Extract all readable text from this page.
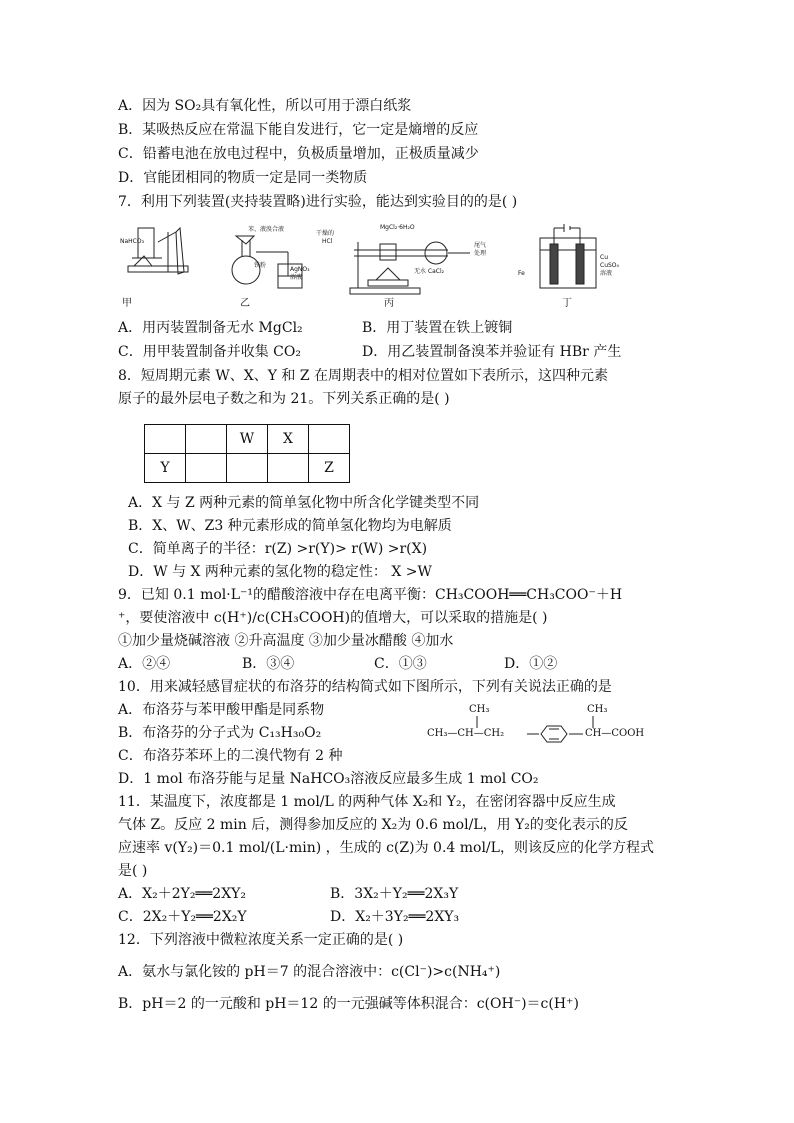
A．因为 SO₂具有氧化性，所以可用于漂白纸浆
B．某吸热反应在常温下能自发进行，它一定是熵增的反应
C．铅蓄电池在放电过程中，负极质量增加，正极质量减少
D．官能团相同的物质一定是同一类物质
7．利用下列装置(夹持装置略)进行实验，能达到实验目的的是( )
NaHCO₃
苯、液溴合液
铁粉
AgNO₃
溶液
MgCl₂·6H₂O
干燥的
HCl
尾气
处理
无水 CaCl₂
Cu
CuSO₄
溶液
Fe
甲	乙	丙	丁
A．用丙装置制备无水 MgCl₂	B．用丁装置在铁上镀铜
C．用甲装置制备并收集 CO₂	D．用乙装置制备溴苯并验证有 HBr 产生
8．短周期元素 W、X、Y 和 Z 在周期表中的相对位置如下表所示，这四种元素
原子的最外层电子数之和为 21。下列关系正确的是( )
		W	X	
Y				Z
A．X 与 Z 两种元素的简单氢化物中所含化学键类型不同
B．X、W、Z3 种元素形成的简单氢化物均为电解质
C．简单离子的半径：r(Z) >r(Y)> r(W) >r(X)
D．W 与 X 两种元素的氢化物的稳定性： X >W
9．已知 0.1 mol·L⁻¹的醋酸溶液中存在电离平衡：CH₃COOH══CH₃COO⁻＋H
⁺，要使溶液中 c(H⁺)/c(CH₃COOH)的值增大，可以采取的措施是( )
①加少量烧碱溶液 ②升高温度 ③加少量冰醋酸 ④加水
A．②④	B．③④	C．①③	D．①②
10．用来减轻感冒症状的布洛芬的结构简式如下图所示，下列有关说法正确的是
A．布洛芬与苯甲酸甲酯是同系物
B．布洛芬的分子式为 C₁₃H₃₀O₂
C．布洛芬苯环上的二溴代物有 2 种
D．1 mol 布洛芬能与足量 NaHCO₃溶液反应最多生成 1 mol CO₂
CH₃	CH₃
CH₃—CH—CH₂	CH—COOH
11．某温度下，浓度都是 1 mol/L 的两种气体 X₂和 Y₂，在密闭容器中反应生成
气体 Z。反应 2 min 后，测得参加反应的 X₂为 0.6 mol/L，用 Y₂的变化表示的反
应速率 v(Y₂)＝0.1 mol/(L·min) ，生成的 c(Z)为 0.4 mol/L，则该反应的化学方程式
是( )
A．X₂＋2Y₂══2XY₂	B．3X₂＋Y₂══2X₃Y
C．2X₂＋Y₂══2X₂Y	D．X₂＋3Y₂══2XY₃
12．下列溶液中微粒浓度关系一定正确的是( )
A．氨水与氯化铵的 pH＝7 的混合溶液中：c(Cl⁻)>c(NH₄⁺)
B．pH＝2 的一元酸和 pH＝12 的一元强碱等体积混合：c(OH⁻)＝c(H⁺)
